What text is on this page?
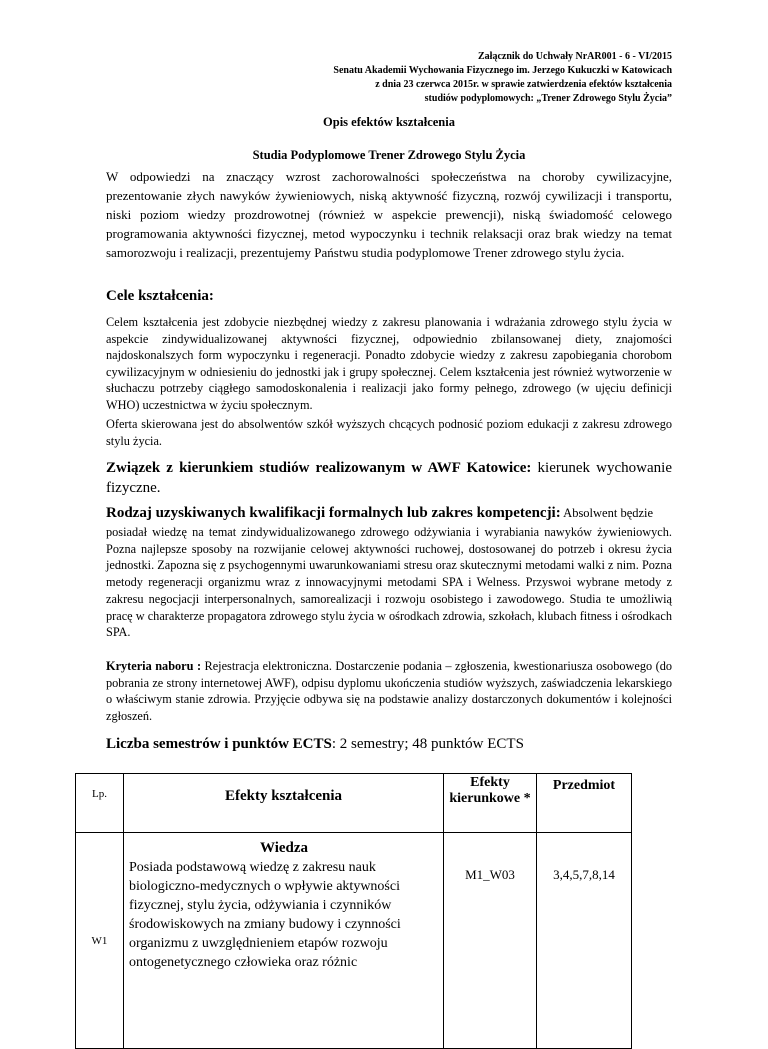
Załącznik do Uchwały NrAR001 - 6 - VI/2015
Senatu Akademii Wychowania Fizycznego im. Jerzego Kukuczki w Katowicach
z dnia 23 czerwca 2015r. w sprawie zatwierdzenia efektów kształcenia
studiów podyplomowych: „Trener Zdrowego Stylu Życia”
Opis efektów kształcenia
Studia Podyplomowe Trener Zdrowego Stylu Życia

W odpowiedzi na znaczący wzrost zachorowalności społeczeństwa na choroby cywilizacyjne, prezentowanie złych nawyków żywieniowych, niską aktywność fizyczną, rozwój cywilizacji i transportu, niski poziom wiedzy prozdrowotnej (również w aspekcie prewencji), niską świadomość celowego programowania aktywności fizycznej, metod wypoczynku i technik relaksacji oraz brak wiedzy na temat samorozwoju i realizacji, prezentujemy Państwu studia podyplomowe Trener zdrowego stylu życia.

Cele kształcenia:

Celem kształcenia jest zdobycie niezbędnej wiedzy z zakresu planowania i wdrażania zdrowego stylu życia w aspekcie zindywidualizowanej aktywności fizycznej, odpowiednio zbilansowanej diety, znajomości najdoskonalszych form wypoczynku i regeneracji. Ponadto zdobycie wiedzy z zakresu zapobiegania chorobom cywilizacyjnym w odniesieniu do jednostki jak i grupy społecznej. Celem kształcenia jest również wytworzenie w słuchaczu potrzeby ciągłego samodoskonalenia i realizacji jako formy pełnego, zdrowego (w ujęciu definicji WHO) uczestnictwa w życiu społecznym.

Oferta skierowana jest do absolwentów szkół wyższych chcących podnosić poziom edukacji z zakresu zdrowego stylu życia.

Związek z kierunkiem studiów realizowanym w AWF Katowice: kierunek wychowanie fizyczne.

Rodzaj uzyskiwanych kwalifikacji formalnych lub zakres kompetencji: Absolwent będzie

posiadał wiedzę na temat zindywidualizowanego zdrowego odżywiania i wyrabiania nawyków żywieniowych. Pozna najlepsze sposoby na rozwijanie celowej aktywności ruchowej, dostosowanej do potrzeb i okresu życia jednostki. Zapozna się z psychogennymi uwarunkowaniami stresu oraz skutecznymi metodami walki z nim. Pozna metody regeneracji organizmu wraz z innowacyjnymi metodami SPA i Welness. Przyswoi wybrane metody z zakresu negocjacji interpersonalnych, samorealizacji i rozwoju osobistego i zawodowego. Studia te umożliwią pracę w charakterze propagatora zdrowego stylu życia w ośrodkach zdrowia, szkołach, klubach fitness i ośrodkach SPA.

Kryteria naboru : Rejestracja elektroniczna. Dostarczenie podania – zgłoszenia, kwestionariusza osobowego (do pobrania ze strony internetowej AWF), odpisu dyplomu ukończenia studiów wyższych, zaświadczenia lekarskiego o właściwym stanie zdrowia. Przyjęcie odbywa się na podstawie analizy dostarczonych dokumentów i kolejności zgłoszeń.

Liczba semestrów i punktów ECTS: 2 semestry; 48 punktów ECTS

Lp.	Efekty kształcenia	Efekty kierunkowe *	Przedmiot
W1	Wiedza
Posiada podstawową wiedzę z zakresu nauk biologiczno-medycznych o wpływie aktywności fizycznej, stylu życia, odżywiania i czynników środowiskowych na zmiany budowy i czynności organizmu z uwzględnieniem etapów rozwoju ontogenetycznego człowieka oraz różnic	M1_W03	3,4,5,7,8,14
